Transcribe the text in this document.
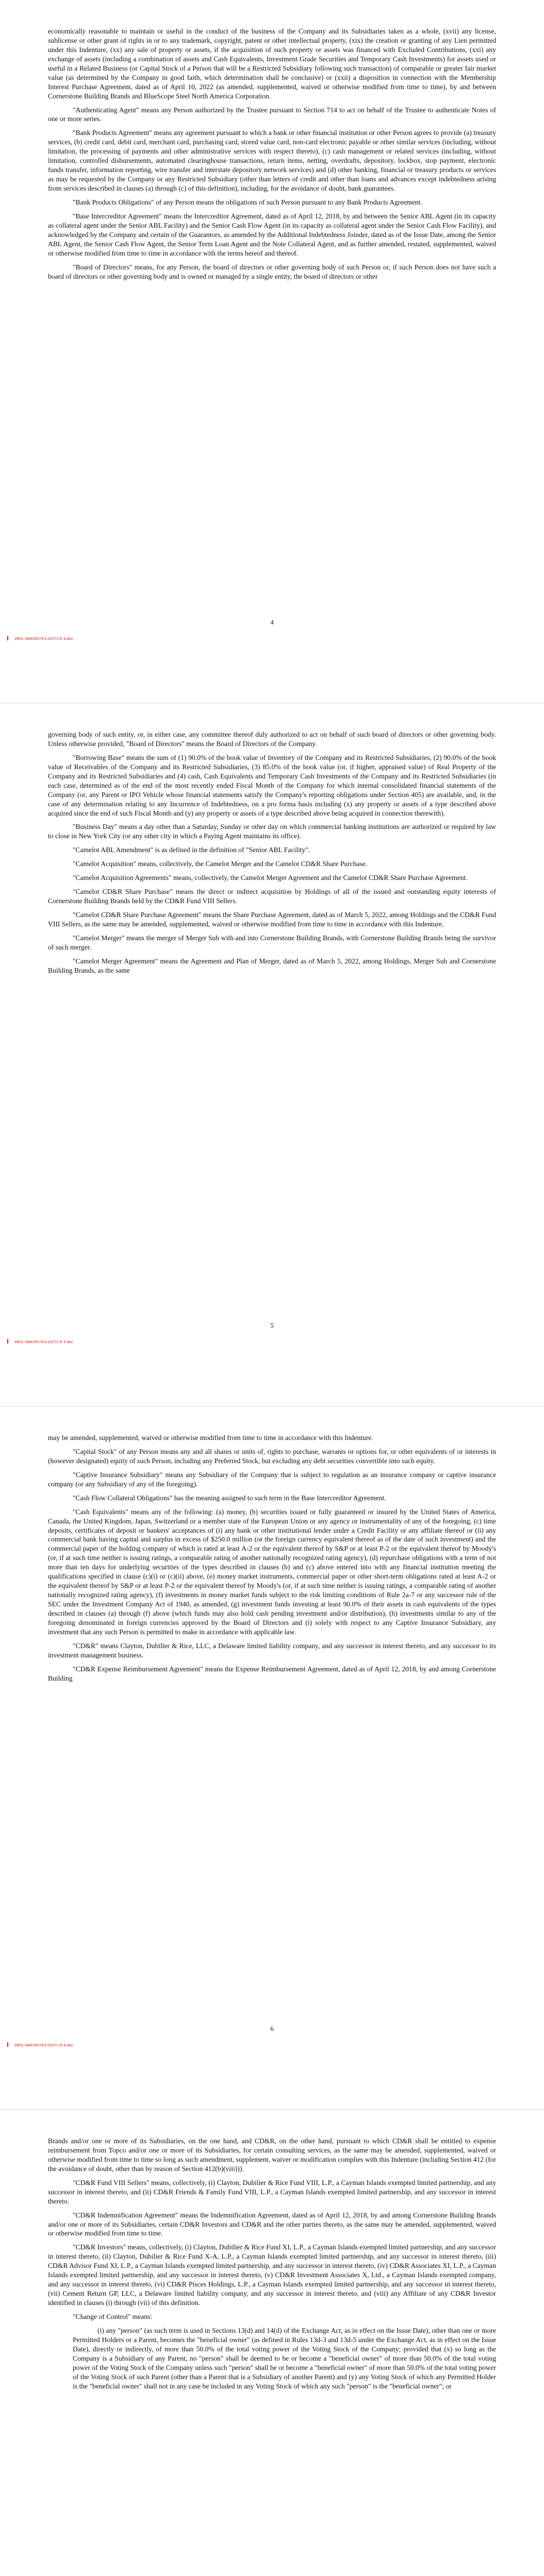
economically reasonable to maintain or useful in the conduct of the business of the Company and its Subsidiaries taken as a whole, (xvii) any license, sublicense or other grant of rights in or to any trademark, copyright, patent or other intellectual property, (xix) the creation or granting of any Lien permitted under this Indenture, (xx) any sale of property or assets, if the acquisition of such property or assets was financed with Excluded Contributions, (xxi) any exchange of assets (including a combination of assets and Cash Equivalents, Investment Grade Securities and Temporary Cash Investments) for assets used or useful in a Related Business (or Capital Stock of a Person that will be a Restricted Subsidiary following such transaction) of comparable or greater fair market value (as determined by the Company in good faith, which determination shall be conclusive) or (xxii) a disposition in connection with the Membership Interest Purchase Agreement, dated as of April 10, 2022 (as amended, supplemented, waived or otherwise modified from time to time), by and between Cornerstone Building Brands and BlueScope Steel North America Corporation.

"Authenticating Agent" means any Person authorized by the Trustee pursuant to Section 714 to act on behalf of the Trustee to authenticate Notes of one or more series.

"Bank Products Agreement" means any agreement pursuant to which a bank or other financial institution or other Person agrees to provide (a) treasury services, (b) credit card, debit card, merchant card, purchasing card, stored value card, non-card electronic payable or other similar services (including, without limitation, the processing of payments and other administrative services with respect thereto), (c) cash management or related services (including, without limitation, controlled disbursements, automated clearinghouse transactions, return items, netting, overdrafts, depository, lockbox, stop payment, electronic funds transfer, information reporting, wire transfer and interstate depository network services) and (d) other banking, financial or treasury products or services as may be requested by the Company or any Restricted Subsidiary (other than letters of credit and other than loans and advances except indebtedness arising from services described in clauses (a) through (c) of this definition), including, for the avoidance of doubt, bank guarantees.

"Bank Products Obligations" of any Person means the obligations of such Person pursuant to any Bank Products Agreement.

"Base Intercreditor Agreement" means the Intercreditor Agreement, dated as of April 12, 2018, by and between the Senior ABL Agent (in its capacity as collateral agent under the Senior ABL Facility) and the Senior Cash Flow Agent (in its capacity as collateral agent under the Senior Cash Flow Facility), and acknowledged by the Company and certain of the Guarantors, as amended by the Additional Indebtedness Joinder, dated as of the Issue Date, among the Senior ABL Agent, the Senior Cash Flow Agent, the Senior Term Loan Agent and the Note Collateral Agent, and as further amended, restated, supplemented, waived or otherwise modified from time to time in accordance with the terms hereof and thereof.

"Board of Directors" means, for any Person, the board of directors or other governing body of such Person or, if such Person does not have such a board of directors or other governing body and is owned or managed by a single entity, the board of directors or other

4
WEIL:\98435574\1\15271.0\ 6.doc

governing body of such entity, or, in either case, any committee thereof duly authorized to act on behalf of such board of directors or other governing body. Unless otherwise provided, "Board of Directors" means the Board of Directors of the Company.

"Borrowing Base" means the sum of (1) 90.0% of the book value of Inventory of the Company and its Restricted Subsidiaries, (2) 90.0% of the book value of Receivables of the Company and its Restricted Subsidiaries, (3) 85.0% of the book value (or, if higher, appraised value) of Real Property of the Company and its Restricted Subsidiaries and (4) cash, Cash Equivalents and Temporary Cash Investments of the Company and its Restricted Subsidiaries (in each case, determined as of the end of the most recently ended Fiscal Month of the Company for which internal consolidated financial statements of the Company (or, any Parent or IPO Vehicle whose financial statements satisfy the Company's reporting obligations under Section 405) are available, and, in the case of any determination relating to any Incurrence of Indebtedness, on a pro forma basis including (x) any property or assets of a type described above acquired since the end of such Fiscal Month and (y) any property or assets of a type described above being acquired in connection therewith).

"Business Day" means a day other than a Saturday, Sunday or other day on which commercial banking institutions are authorized or required by law to close in New York City (or any other city in which a Paying Agent maintains its office).

"Camelot ABL Amendment" is as defined in the definition of "Senior ABL Facility".

"Camelot Acquisition" means, collectively, the Camelot Merger and the Camelot CD&R Share Purchase.

"Camelot Acquisition Agreements" means, collectively, the Camelot Merger Agreement and the Camelot CD&R Share Purchase Agreement.

"Camelot CD&R Share Purchase" means the direct or indirect acquisition by Holdings of all of the issued and outstanding equity interests of Cornerstone Building Brands held by the CD&R Fund VIII Sellers.

"Camelot CD&R Share Purchase Agreement" means the Share Purchase Agreement, dated as of March 5, 2022, among Holdings and the CD&R Fund VIII Sellers, as the same may be amended, supplemented, waived or otherwise modified from time to time in accordance with this Indenture.

"Camelot Merger" means the merger of Merger Sub with and into Cornerstone Building Brands, with Cornerstone Building Brands being the survivor of such merger.

"Camelot Merger Agreement" means the Agreement and Plan of Merger, dated as of March 5, 2022, among Holdings, Merger Sub and Cornerstone Building Brands, as the same

5
WEIL:\98435574\1\15271.0\ 6.doc

may be amended, supplemented, waived or otherwise modified from time to time in accordance with this Indenture.

"Capital Stock" of any Person means any and all shares or units of, rights to purchase, warrants or options for, or other equivalents of or interests in (however designated) equity of such Person, including any Preferred Stock, but excluding any debt securities convertible into such equity.

"Captive Insurance Subsidiary" means any Subsidiary of the Company that is subject to regulation as an insurance company or captive insurance company (or any Subsidiary of any of the foregoing).

"Cash Flow Collateral Obligations" has the meaning assigned to such term in the Base Intercreditor Agreement.

"Cash Equivalents" means any of the following: (a) money, (b) securities issued or fully guaranteed or insured by the United States of America, Canada, the United Kingdom, Japan, Switzerland or a member state of the European Union or any agency or instrumentality of any of the foregoing, (c) time deposits, certificates of deposit or bankers' acceptances of (i) any bank or other institutional lender under a Credit Facility or any affiliate thereof or (ii) any commercial bank having capital and surplus in excess of $250.0 million (or the foreign currency equivalent thereof as of the date of such investment) and the commercial paper of the holding company of which is rated at least A-2 or the equivalent thereof by S&P or at least P-2 or the equivalent thereof by Moody's (or, if at such time neither is issuing ratings, a comparable rating of another nationally recognized rating agency), (d) repurchase obligations with a term of not more than ten days for underlying securities of the types described in clauses (b) and (c) above entered into with any financial institution meeting the qualifications specified in clause (c)(i) or (c)(ii) above, (e) money market instruments, commercial paper or other short-term obligations rated at least A-2 or the equivalent thereof by S&P or at least P-2 or the equivalent thereof by Moody's (or, if at such time neither is issuing ratings, a comparable rating of another nationally recognized rating agency), (f) investments in money market funds subject to the risk limiting conditions of Rule 2a-7 or any successor rule of the SEC under the Investment Company Act of 1940, as amended, (g) investment funds investing at least 90.0% of their assets in cash equivalents of the types described in clauses (a) through (f) above (which funds may also hold cash pending investment and/or distribution), (h) investments similar to any of the foregoing denominated in foreign currencies approved by the Board of Directors and (i) solely with respect to any Captive Insurance Subsidiary, any investment that any such Person is permitted to make in accordance with applicable law.

"CD&R" means Clayton, Dubilier & Rice, LLC, a Delaware limited liability company, and any successor in interest thereto, and any successor to its investment management business.

"CD&R Expense Reimbursement Agreement" means the Expense Reimbursement Agreement, dated as of April 12, 2018, by and among Cornerstone Building

6
WEIL:\98435574\1\15271.0\ 6.doc

Brands and/or one or more of its Subsidiaries, on the one hand, and CD&R, on the other hand, pursuant to which CD&R shall be entitled to expense reimbursement from Topco and/or one or more of its Subsidiaries, for certain consulting services, as the same may be amended, supplemented, waived or otherwise modified from time to time so long as such amendment, supplement, waiver or modification complies with this Indenture (including Section 412 (for the avoidance of doubt, other than by reason of Section 412(b)(viii))).

"CD&R Fund VIII Sellers" means, collectively, (i) Clayton, Dubilier & Rice Fund VIII, L.P., a Cayman Islands exempted limited partnership, and any successor in interest thereto, and (ii) CD&R Friends & Family Fund VIII, L.P., a Cayman Islands exempted limited partnership, and any successor in interest thereto.

"CD&R Indemnification Agreement" means the Indemnification Agreement, dated as of April 12, 2018, by and among Cornerstone Building Brands and/or one or more of its Subsidiaries, certain CD&R Investors and CD&R and the other parties thereto, as the same may be amended, supplemented, waived or otherwise modified from time to time.

"CD&R Investors" means, collectively, (i) Clayton, Dubilier & Rice Fund XI, L.P., a Cayman Islands exempted limited partnership, and any successor in interest thereto, (ii) Clayton, Dubilier & Rice Fund X-A, L.P., a Cayman Islands exempted limited partnership, and any successor in interest thereto, (iii) CD&R Advisor Fund XI, L.P., a Cayman Islands exempted limited partnership, and any successor in interest thereto, (iv) CD&R Associates XI, L.P., a Cayman Islands exempted limited partnership, and any successor in interest thereto, (v) CD&R Investment Associates X, Ltd., a Cayman Islands exempted company, and any successor in interest thereto, (vi) CD&R Pisces Holdings, L.P., a Cayman Islands exempted limited partnership, and any successor in interest thereto, (vii) Cement Return GP, LLC, a Delaware limited liability company, and any successor in interest thereto, and (viii) any Affiliate of any CD&R Investor identified in clauses (i) through (vii) of this definition.

"Change of Control" means:

(i) any "person" (as such term is used in Sections 13(d) and 14(d) of the Exchange Act, as in effect on the Issue Date), other than one or more Permitted Holders or a Parent, becomes the "beneficial owner" (as defined in Rules 13d-3 and 13d-5 under the Exchange Act, as in effect on the Issue Date), directly or indirectly, of more than 50.0% of the total voting power of the Voting Stock of the Company; provided that (x) so long as the Company is a Subsidiary of any Parent, no "person" shall be deemed to be or become a "beneficial owner" of more than 50.0% of the total voting power of the Voting Stock of the Company unless such "person" shall be or become a "beneficial owner" of more than 50.0% of the total voting power of the Voting Stock of such Parent (other than a Parent that is a Subsidiary of another Parent) and (y) any Voting Stock of which any Permitted Holder is the "beneficial owner" shall not in any case be included in any Voting Stock of which any such "person" is the "beneficial owner"; or
